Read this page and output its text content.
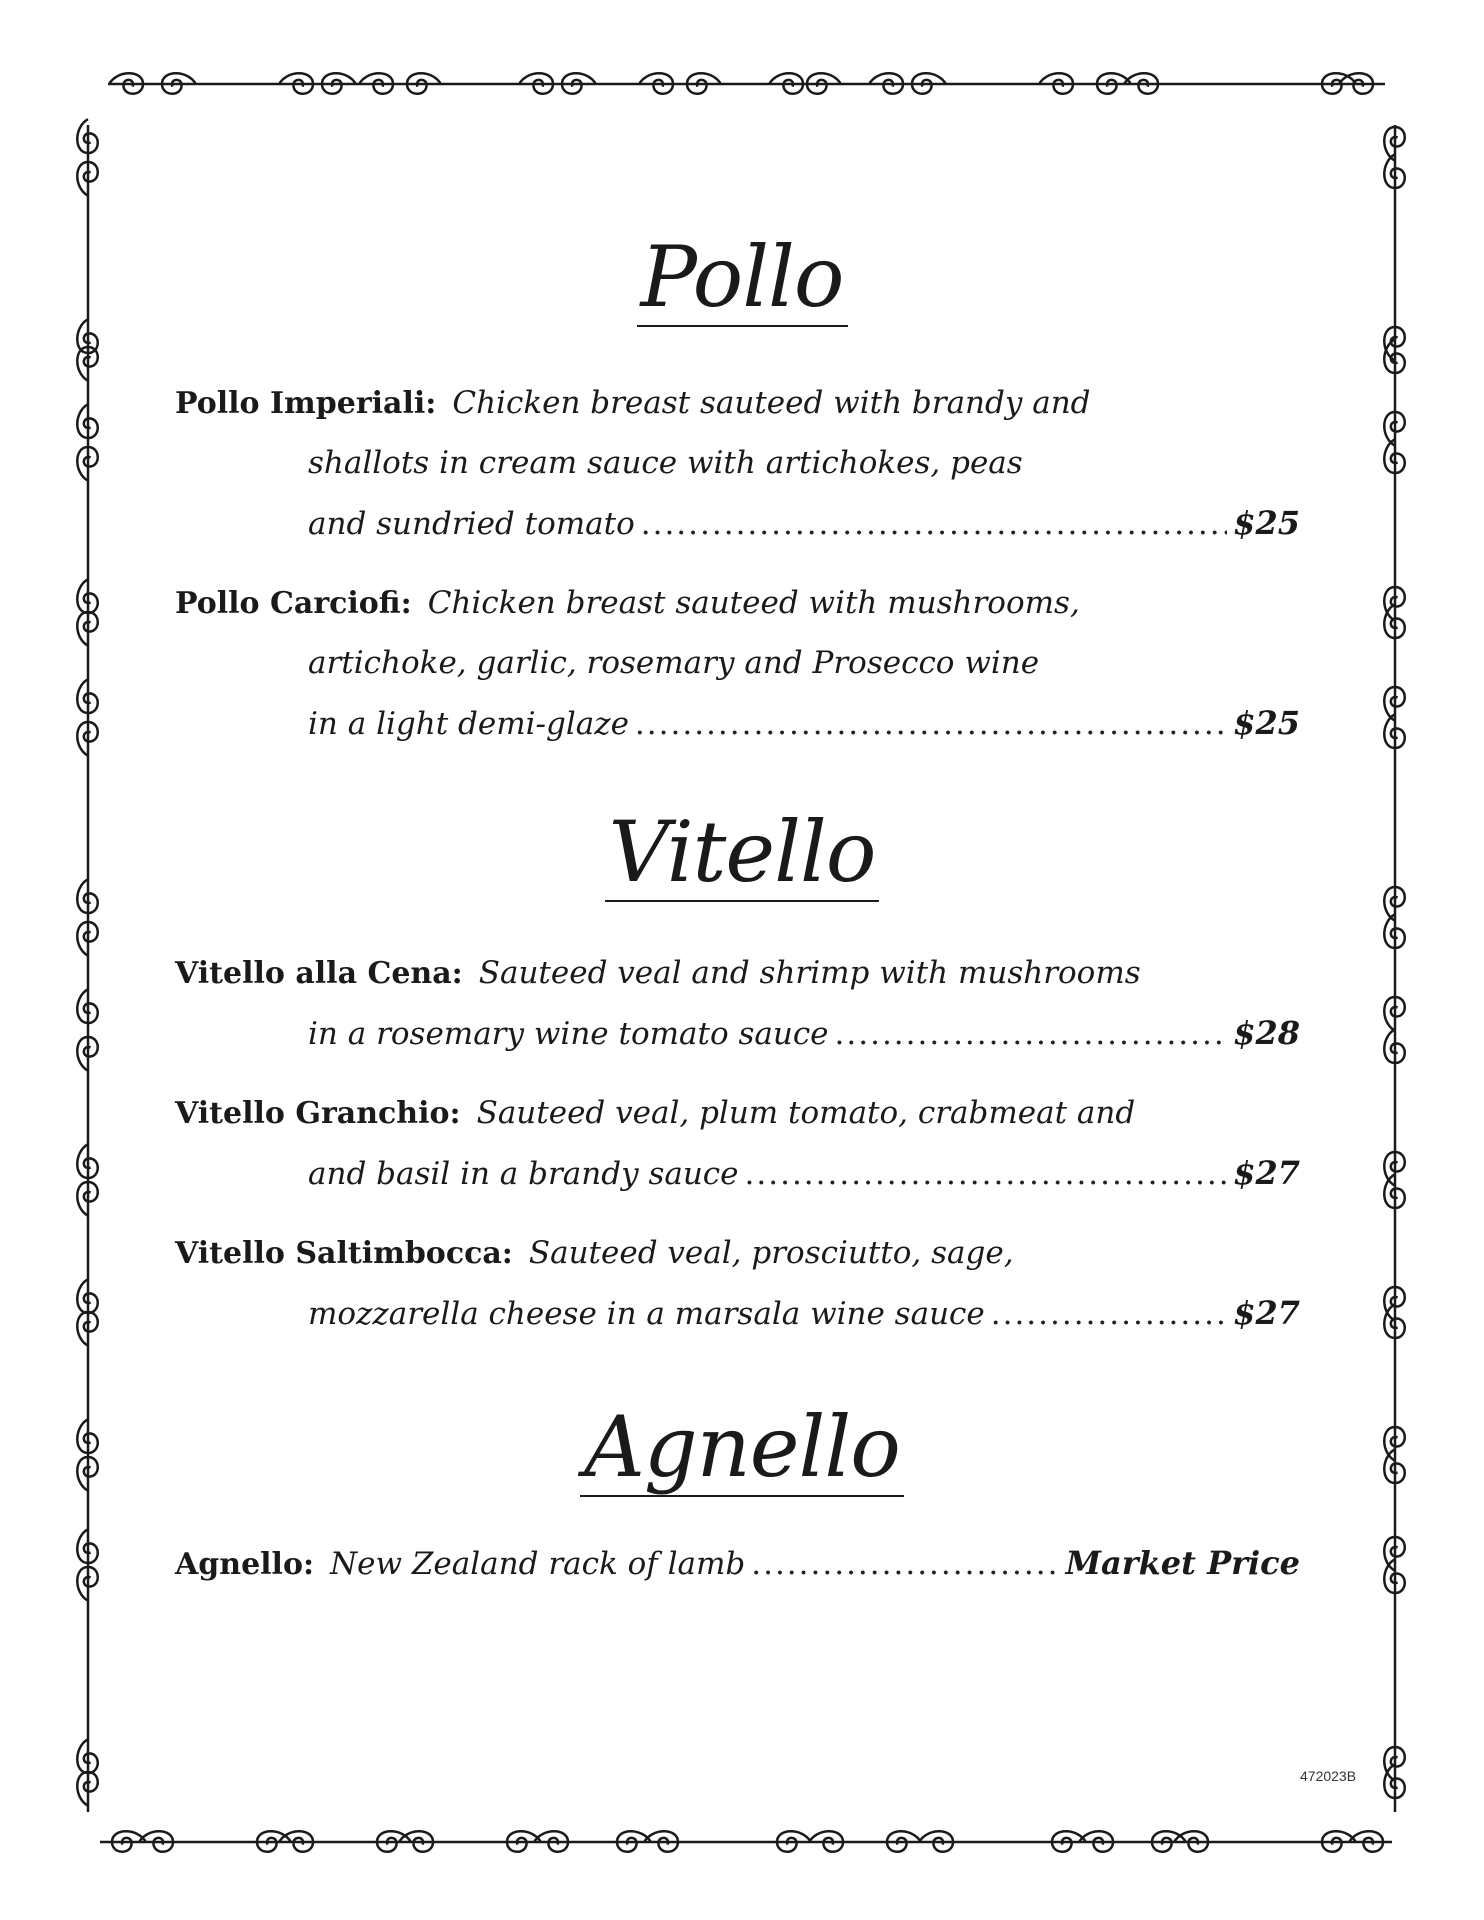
Pollo
Pollo Imperiali: Chicken breast sauteed with brandy and
shallots in cream sauce with artichokes, peas
and sundried tomato .....	$25
Pollo Carciofi: Chicken breast sauteed with mushrooms,
artichoke, garlic, rosemary and Prosecco wine
in a light demi-glaze .....	$25
Vitello
Vitello alla Cena: Sauteed veal and shrimp with mushrooms
in a rosemary wine tomato sauce .....	$28
Vitello Granchio: Sauteed veal, plum tomato, crabmeat and
and basil in a brandy sauce .....	$27
Vitello Saltimbocca: Sauteed veal, prosciutto, sage,
mozzarella cheese in a marsala wine sauce .....	$27
Agnello
Agnello: New Zealand rack of lamb .....	Market Price
472023B
